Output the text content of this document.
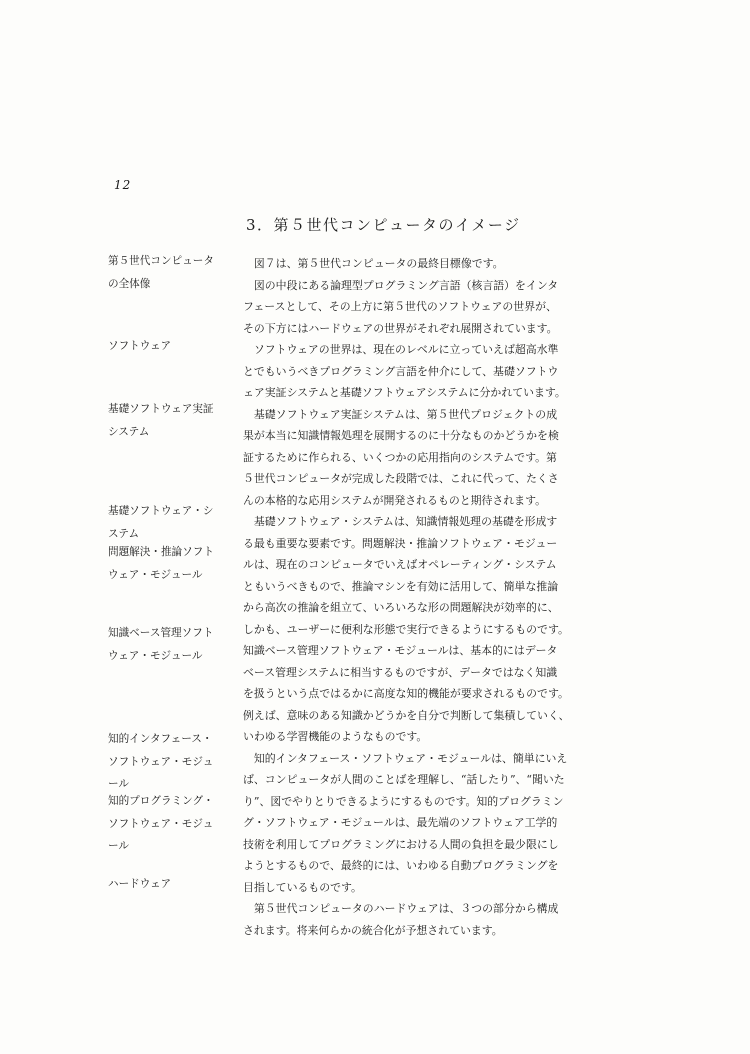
12
3．第５世代コンピュータのイメージ
第５世代コンピュータ
の全体像
ソフトウェア
基礎ソフトウェア実証
システム
基礎ソフトウェア・シ
ステム
問題解決・推論ソフト
ウェア・モジュール
知識ベース管理ソフト
ウェア・モジュール
知的インタフェース・
ソフトウェア・モジュ
ール
知的プログラミング・
ソフトウェア・モジュ
ール
ハードウェア
　図７は、第５世代コンピュータの最終目標像です。
　図の中段にある論理型プログラミング言語（核言語）をインタ
フェースとして、その上方に第５世代のソフトウェアの世界が、
その下方にはハードウェアの世界がそれぞれ展開されています。
　ソフトウェアの世界は、現在のレベルに立っていえば超高水準
とでもいうべきプログラミング言語を仲介にして、基礎ソフトウ
ェア実証システムと基礎ソフトウェアシステムに分かれています。
　基礎ソフトウェア実証システムは、第５世代プロジェクトの成
果が本当に知識情報処理を展開するのに十分なものかどうかを検
証するために作られる、いくつかの応用指向のシステムです。第
５世代コンピュータが完成した段階では、これに代って、たくさ
んの本格的な応用システムが開発されるものと期待されます。
　基礎ソフトウェア・システムは、知識情報処理の基礎を形成す
る最も重要な要素です。問題解決・推論ソフトウェア・モジュー
ルは、現在のコンピュータでいえばオペレーティング・システム
ともいうべきもので、推論マシンを有効に活用して、簡単な推論
から高次の推論を組立て、いろいろな形の問題解決が効率的に、
しかも、ユーザーに便利な形態で実行できるようにするものです。
知識ベース管理ソフトウェア・モジュールは、基本的にはデータ
ベース管理システムに相当するものですが、データではなく知識
を扱うという点ではるかに高度な知的機能が要求されるものです。
例えば、意味のある知識かどうかを自分で判断して集積していく、
いわゆる学習機能のようなものです。
　知的インタフェース・ソフトウェア・モジュールは、簡単にいえ
ば、コンピュータが人間のことばを理解し、“話したり”、“聞いた
り”、図でやりとりできるようにするものです。知的プログラミン
グ・ソフトウェア・モジュールは、最先端のソフトウェア工学的
技術を利用してプログラミングにおける人間の負担を最少限にし
ようとするもので、最終的には、いわゆる自動プログラミングを
目指しているものです。
　第５世代コンピュータのハードウェアは、３つの部分から構成
されます。将来何らかの統合化が予想されています。
